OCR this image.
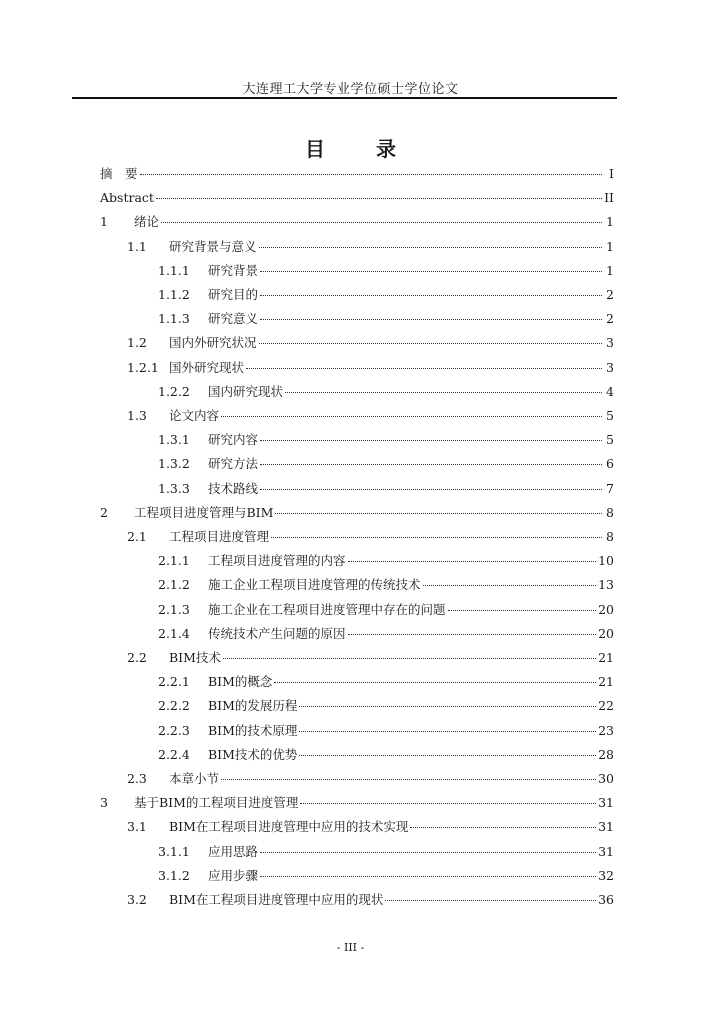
大连理工大学专业学位硕士学位论文
目 录
摘　要	I
Abstract	II
1	绪论	1
1.1	研究背景与意义	1
1.1.1	研究背景	1
1.1.2	研究目的	2
1.1.3	研究意义	2
1.2	国内外研究状况	3
1.2.1 国外研究现状	3
1.2.2	国内研究现状	4
1.3	论文内容	5
1.3.1	研究内容	5
1.3.2	研究方法	6
1.3.3	技术路线	7
2	工程项目进度管理与BIM	8
2.1	工程项目进度管理	8
2.1.1	工程项目进度管理的内容	10
2.1.2	施工企业工程项目进度管理的传统技术	13
2.1.3	施工企业在工程项目进度管理中存在的问题	20
2.1.4	传统技术产生问题的原因	20
2.2	BIM技术	21
2.2.1	BIM的概念	21
2.2.2	BIM的发展历程	22
2.2.3	BIM的技术原理	23
2.2.4	BIM技术的优势	28
2.3	本章小节	30
3	基于BIM的工程项目进度管理	31
3.1	BIM在工程项目进度管理中应用的技术实现	31
3.1.1	应用思路	31
3.1.2	应用步骤	32
3.2	BIM在工程项目进度管理中应用的现状	36
- III -
